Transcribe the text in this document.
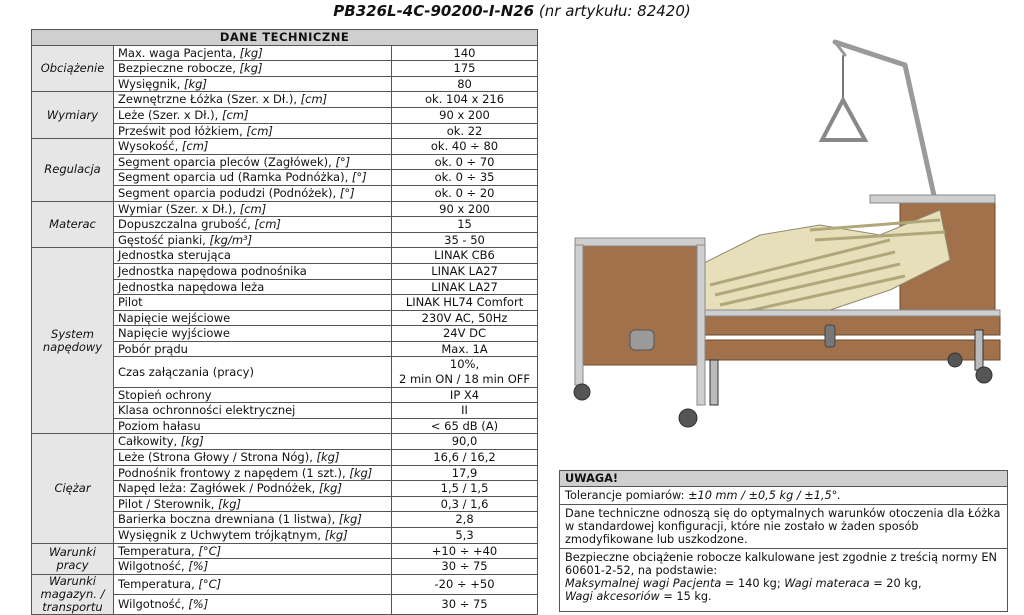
PB326L-4C-90200-I-N26 (nr artykułu: 82420)
DANE TECHNICZNE		
Obciążenie	Max. waga Pacjenta, [kg]	140

	Bezpieczne robocze, [kg]	175

	Wysięgnik, [kg]	80

Wymiary	Zewnętrzne Łóżka (Szer. x Dł.), [cm]	ok. 104 x 216

	Leże (Szer. x Dł.), [cm]	90 x 200

	Prześwit pod łóżkiem, [cm]	ok. 22

Regulacja	Wysokość, [cm]	ok. 40 ÷ 80

	Segment oparcia pleców (Zagłówek), [°]	ok. 0 ÷ 70

	Segment oparcia ud (Ramka Podnóżka), [°]	ok. 0 ÷ 35

	Segment oparcia podudzi (Podnóżek), [°]	ok. 0 ÷ 20

Materac	Wymiar (Szer. x Dł.), [cm]	90 x 200

	Dopuszczalna grubość, [cm]	15

	Gęstość pianki, [kg/m³]	35 - 50

System napędowy	Jednostka sterująca	LINAK CB6

	Jednostka napędowa podnośnika	LINAK LA27

	Jednostka napędowa leża	LINAK LA27

	Pilot	LINAK HL74 Comfort

	Napięcie wejściowe	230V AC, 50Hz

	Napięcie wyjściowe	24V DC

	Pobór prądu	Max. 1A

	Czas załączania (pracy)	10%,
2 min ON / 18 min OFF

	Stopień ochrony	IP X4

	Klasa ochronności elektrycznej	II

	Poziom hałasu	< 65 dB (A)

Ciężar	Całkowity, [kg]	90,0

	Leże (Strona Głowy / Strona Nóg), [kg]	16,6 / 16,2

	Podnośnik frontowy z napędem (1 szt.), [kg]	17,9

	Napęd leża: Zagłówek / Podnóżek, [kg]	1,5 / 1,5

	Pilot / Sterownik, [kg]	0,3 / 1,6

	Barierka boczna drewniana (1 listwa), [kg]	2,8

	Wysięgnik z Uchwytem trójkątnym, [kg]	5,3

Warunki pracy	Temperatura, [°C]	+10 ÷ +40

	Wilgotność, [%]	30 ÷ 75

Warunki magazyn. / transportu	Temperatura, [°C]	-20 ÷ +50

	Wilgotność, [%]	30 ÷ 75
UWAGA!
Tolerancje pomiarów: ±10 mm / ±0,5 kg / ±1,5°.
Dane techniczne odnoszą się do optymalnych warunków otoczenia dla Łóżka w standardowej konfiguracji, które nie zostało w żaden sposób zmodyfikowane lub uszkodzone.
Bezpieczne obciążenie robocze kalkulowane jest zgodnie z treścią normy EN 60601-2-52, na podstawie:
Maksymalnej wagi Pacjenta = 140 kg; Wagi materaca = 20 kg,
Wagi akcesoriów = 15 kg.
